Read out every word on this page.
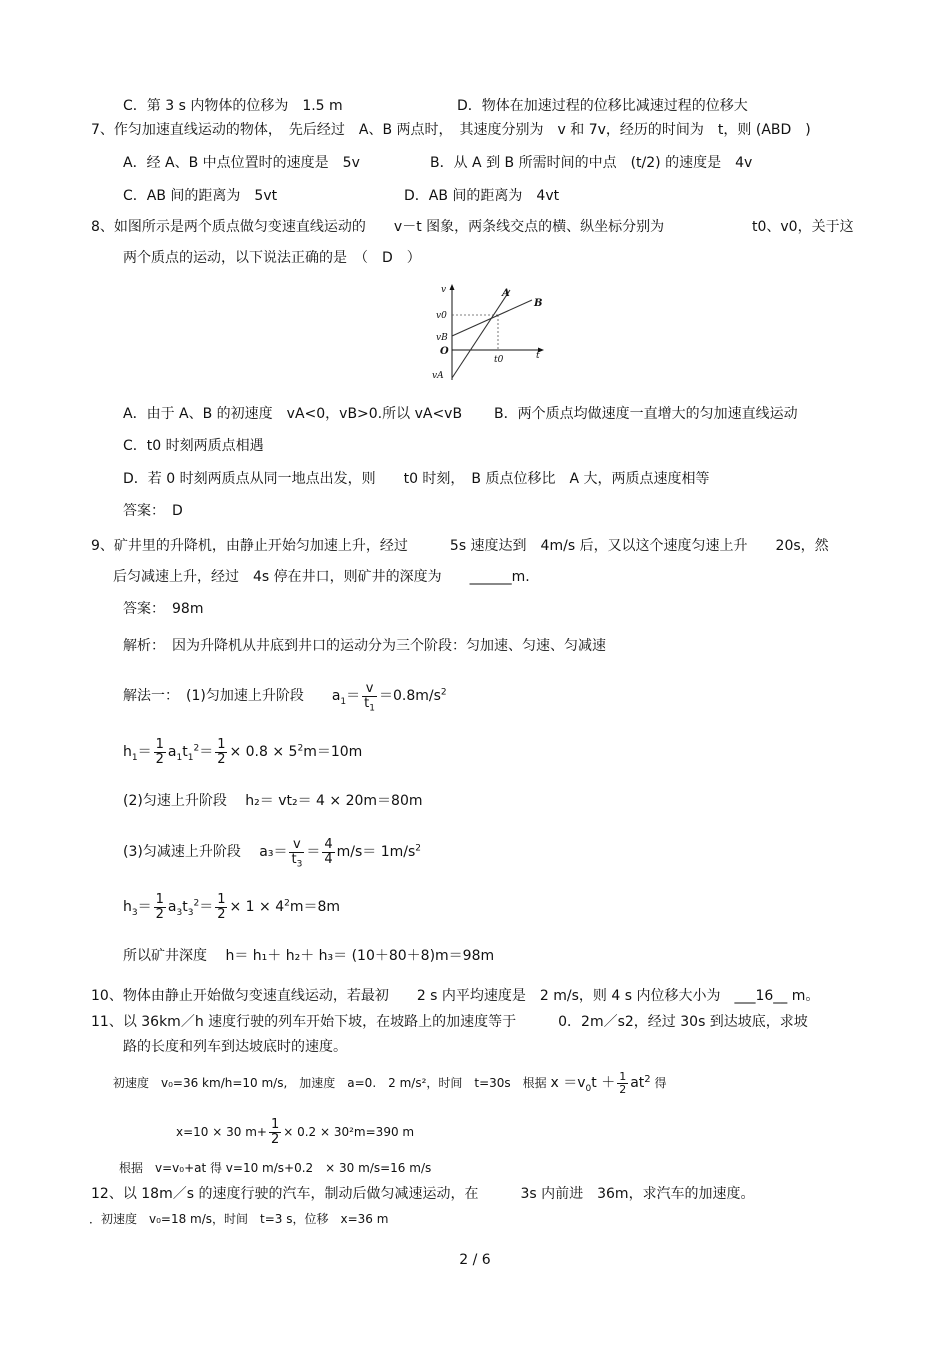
C．第 3 s 内物体的位移为　1.5 m	D．物体在加速过程的位移比减速过程的位移大
7、作匀加速直线运动的物体，　先后经过　A、B 两点时，　其速度分别为　v 和 7v，经历的时间为　t，则 (ABD　)
A．经 A、B 中点位置时的速度是　5v	B．从 A 到 B 所需时间的中点　(t/2) 的速度是　4v
C．AB 间的距离为　5vt	D．AB 间的距离为　4vt
8、如图所示是两个质点做匀变速直线运动的　　v－t 图象，两条线交点的横、纵坐标分别为	t0、v0，关于这
两个质点的运动，以下说法正确的是　（　D　）
v
v0
vB
O
vA
t0	t
A
B
A．由于 A、B 的初速度　vA<0，vB>0.所以 vA<vB B．两个质点均做速度一直增大的匀加速直线运动
C．t0 时刻两质点相遇
D．若 0 时刻两质点从同一地点出发，则　　t0 时刻，　B 质点位移比　A 大，两质点速度相等
答案：　D
9、矿井里的升降机，由静止开始匀加速上升，经过　　　5s 速度达到　4m/s 后，又以这个速度匀速上升　　20s，然
后匀减速上升，经过　4s 停在井口，则矿井的深度为　　______m.
答案：　98m
解析：　因为升降机从井底到井口的运动分为三个阶段：匀加速、匀速、匀减速
解法一：　(1)匀加速上升阶段　　$a_1= \frac{v}{t_1} =0.8m/s^2$
$h_1= \frac{1}{2} a_1t_1^2= \frac{1}{2} \times 0.8 \times 5^2m=10m$
(2)匀速上升阶段　 h₂＝ vt₂＝ 4 × 20m＝80m
(3)匀减速上升阶段　 $a_3= \frac{v}{t_3} = \frac{4}{4} m/s= 1m/s^2$
$h_3= \frac{1}{2} a_3t_3^2= \frac{1}{2} \times 1 \times 4^2m=8m$
所以矿井深度　 h＝ h₁＋ h₂＋ h₃＝ (10＋80＋8)m＝98m
10、物体由静止开始做匀变速直线运动，若最初　　2 s 内平均速度是　2 m/s，则 4 s 内位移大小为　___16__ m。
11、以 36km／h 速度行驶的列车开始下坡，在坡路上的加速度等于　　　0．2m／s2，经过 30s 到达坡底，求坡
路的长度和列车到达坡底时的速度。
初速度　v₀=36 km/h=10 m/s,　加速度　a=0.　2 m/s²，时间　t=30s　根据 $x =v_0t + \frac{1}{2} at^2$ 得
x=10 × 30 $m+ \frac{1}{2} \times 0.2 \times 30^2m=390$ m
根据　v=v₀+at 得 v=10 m/s+0.2　× 30 m/s=16 m/s
12、以 18m／s 的速度行驶的汽车，制动后做匀减速运动，在　　　3s 内前进　36m，求汽车的加速度。
．初速度　v₀=18 m/s，时间　t=3 s，位移　x=36 m
2 / 6
